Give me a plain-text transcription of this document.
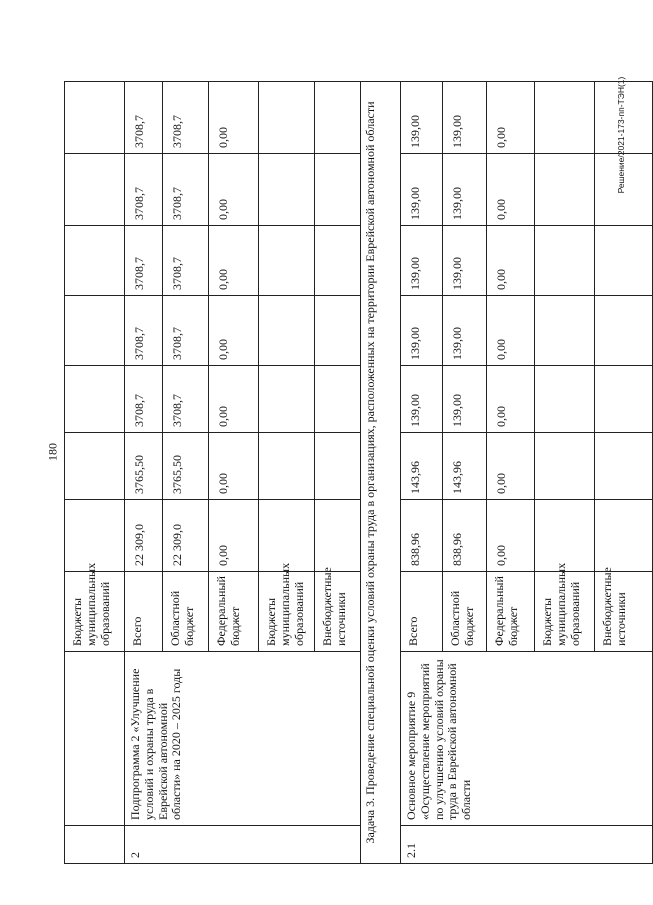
180
Решение/2021-173-пп-ТЭН(1)
		Бюджеты муниципальных образований							
2	Подпрограмма 2 «Улучшение условий и охраны труда в Еврейской автономной области» на 2020 – 2025 годы	Всего	22 309,0	3765,50	3708,7	3708,7	3708,7	3708,7	3708,7
		Областной бюджет	22 309,0	3765,50	3708,7	3708,7	3708,7	3708,7	3708,7
		Федеральный бюджет	0,00	0,00	0,00	0,00	0,00	0,00	0,00
		Бюджеты муниципальных образований							
		Внебюджетные источники							
Задача 3. Проведение специальной оценки условий охраны труда в организациях, расположенных на территории Еврейской автономной области									
2.1	Основное мероприятие 9 «Осуществление мероприятий по улучшению условий охраны труда в Еврейской автономной области	Всего	838,96	143,96	139,00	139,00	139,00	139,00	139,00
		Областной бюджет	838,96	143,96	139,00	139,00	139,00	139,00	139,00
		Федеральный бюджет	0,00	0,00	0,00	0,00	0,00	0,00	0,00
		Бюджеты муниципальных образований							
		Внебюджетные источники							
